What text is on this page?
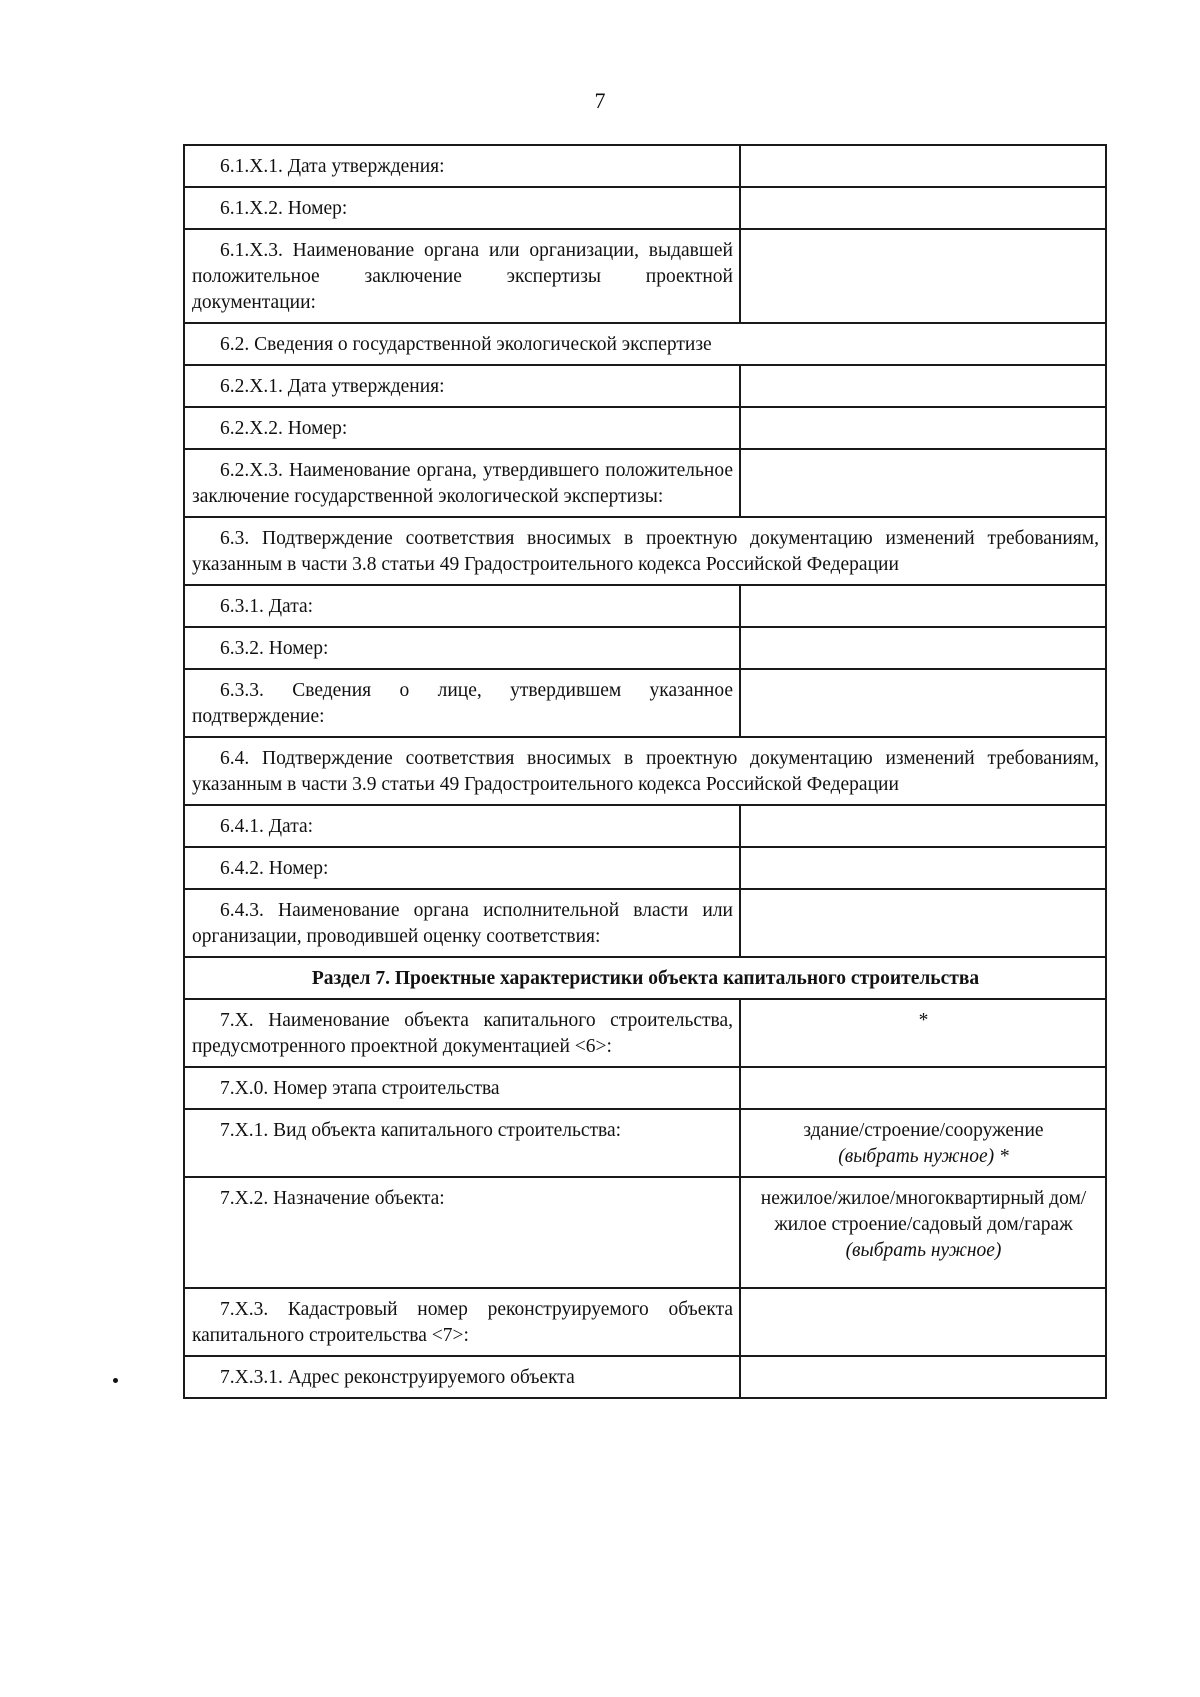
7
6.1.X.1. Дата утверждения:	

6.1.X.2. Номер:	

6.1.X.3. Наименование органа или организации, выдавшей положительное заключение экспертизы проектной документации:	

6.2. Сведения о государственной экологической экспертизе	

6.2.X.1. Дата утверждения:	

6.2.X.2. Номер:	

6.2.X.3. Наименование органа, утвердившего положительное заключение государственной экологической экспертизы:	

6.3. Подтверждение соответствия вносимых в проектную документацию изменений требованиям, указанным в части 3.8 статьи 49 Градостроительного кодекса Российской Федерации	

6.3.1. Дата:	

6.3.2. Номер:	

6.3.3. Сведения о лице, утвердившем указанное подтверждение:	

6.4. Подтверждение соответствия вносимых в проектную документацию изменений требованиям, указанным в части 3.9 статьи 49 Градостроительного кодекса Российской Федерации	

6.4.1. Дата:	

6.4.2. Номер:	

6.4.3. Наименование органа исполнительной власти или организации, проводившей оценку соответствия:	

Раздел 7. Проектные характеристики объекта капитального строительства	

7.Х. Наименование объекта капитального строительства, предусмотренного проектной документацией <6>:	*

7.Х.0. Номер этапа строительства	

7.Х.1. Вид объекта капитального строительства:	здание/строение/сооружение
(выбрать нужное) *

7.Х.2. Назначение объекта:	нежилое/жилое/многоквартирный дом/жилое строение/садовый дом/гараж
(выбрать нужное)

7.Х.3. Кадастровый номер реконструируемого объекта капитального строительства <7>:	

7.Х.3.1. Адрес реконструируемого объекта	
